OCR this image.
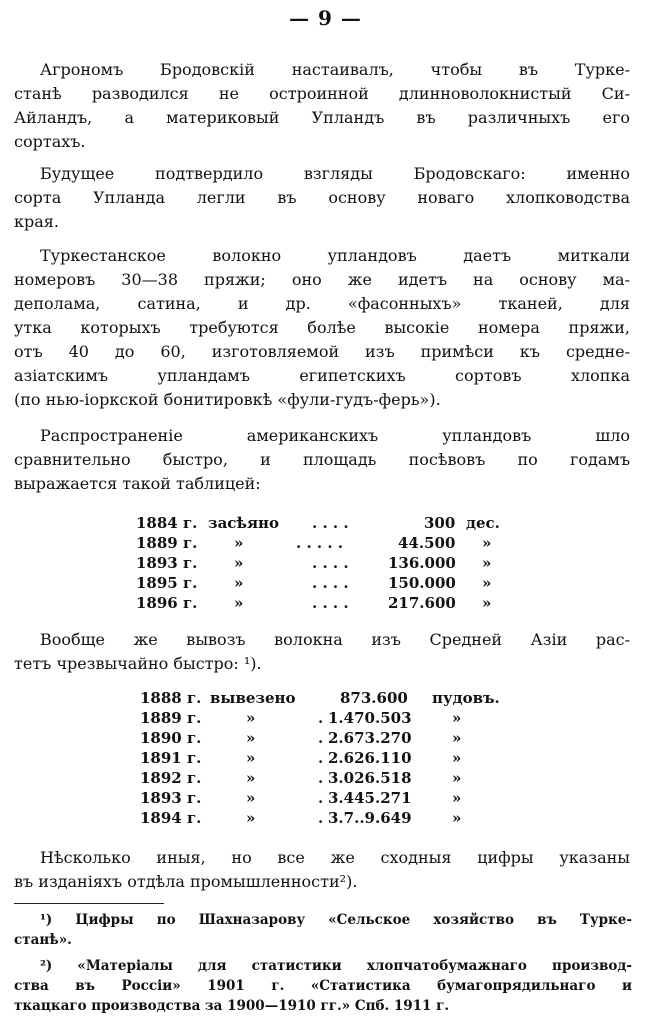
— 9 —
Агрономъ Бродовскій настаивалъ, чтобы въ Турке-
станѣ разводился не остроинной длинноволокнистый Си-
Айландъ, а материковый Упландъ въ различныхъ его
сортахъ.
Будущее подтвердило взгляды Бродовскаго: именно
сорта Упланда легли въ основу новаго хлопководства
края.
Туркестанское волокно упландовъ даетъ миткали
номеровъ 30—38 пряжи; оно же идетъ на основу ма-
деполама, сатина, и др. «фасонныхъ» тканей, для
утка которыхъ требуются болѣе высокіе номера пряжи,
отъ 40 до 60, изготовляемой изъ примѣси къ средне-
азіатскимъ упландамъ египетскихъ сортовъ хлопка
(по нью-іоркской бонитировкѣ «фули-гудъ-ферь»).
Распространеніе американскихъ упландовъ шло
сравнительно быстро, и площадь посѣвовъ по годамъ
выражается такой таблицей:
1884 г. засѣяно . . . .	300 дес.
1889 г. »	. . . . .	44.500 »
1893 г. »	. . . .	136.000 »
1895 г. »	. . . .	150.000 »
1896 г. »	. . . .	217.600 »
Вообще же вывозъ волокна изъ Средней Азіи рас-
тетъ чрезвычайно быстро: ¹).
1888 г. вывезено	873.600 пудовъ.
1889 г.	»	. 1.470.503	»
1890 г.	»	. 2.673.270	»
1891 г.	»	. 2.626.110	»
1892 г.	»	. 3.026.518	»
1893 г.	»	. 3.445.271	»
1894 г.	»	. 3.7..9.649	»
Нѣсколько иныя, но все же сходныя цифры указаны
въ изданіяхъ отдѣла промышленности²).
¹) Цифры по Шахназарову «Сельское хозяйство въ Турке-
станѣ».
²) «Матеріалы для статистики хлопчатобумажнаго производ-
ства въ Россіи» 1901 г. «Статистика бумагопрядильнаго и
ткацкаго производства за 1900—1910 гг.» Спб. 1911 г.
